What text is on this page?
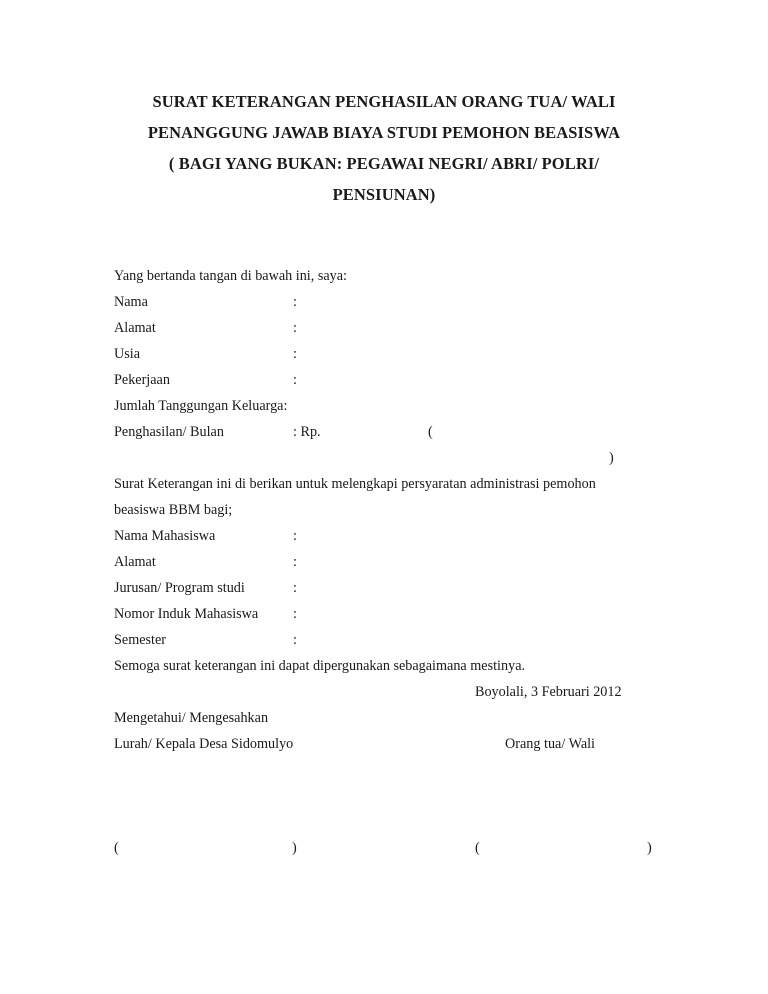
SURAT KETERANGAN PENGHASILAN ORANG TUA/ WALI
PENANGGUNG JAWAB BIAYA STUDI PEMOHON BEASISWA
( BAGI YANG BUKAN: PEGAWAI NEGRI/ ABRI/ POLRI/
PENSIUNAN)
Yang bertanda tangan di bawah ini, saya:
Nama	:
Alamat	:
Usia	:
Pekerjaan	:
Jumlah Tanggungan Keluarga:
Penghasilan/ Bulan	: Rp.	(
)
Surat Keterangan ini di berikan untuk melengkapi persyaratan administrasi pemohon
beasiswa BBM bagi;
Nama Mahasiswa	:
Alamat	:
Jurusan/ Program studi	:
Nomor Induk Mahasiswa :
Semester	:
Semoga surat keterangan ini dapat dipergunakan sebagaimana mestinya.
Boyolali, 3 Februari 2012
Mengetahui/ Mengesahkan
Lurah/ Kepala Desa Sidomulyo	Orang tua/ Wali
(	)	(	)
